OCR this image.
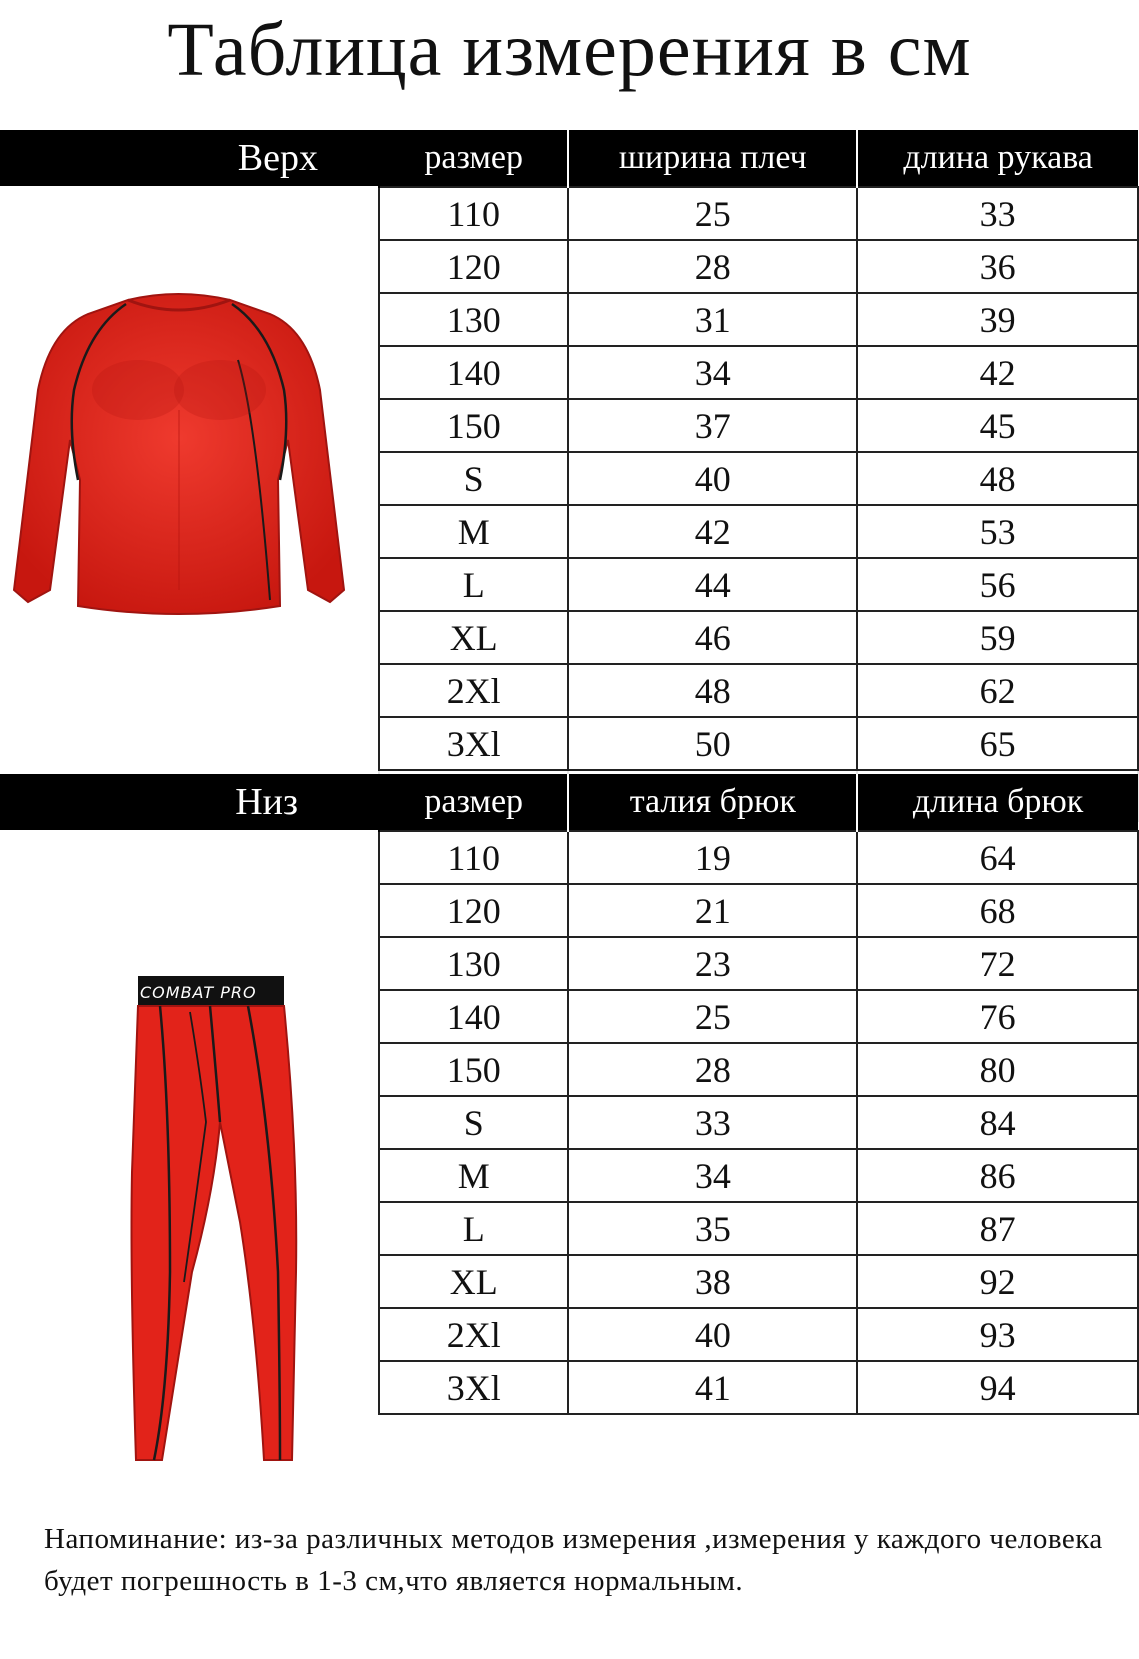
Таблица измерения в см
Верх	размер	ширина плеч	длина рукава
110	25	33
120	28	36
130	31	39
140	34	42
150	37	45
S	40	48
M	42	53
L	44	56
XL	46	59
2Xl	48	62
3Xl	50	65

Низ	размер	талия брюк	длина брюк
110	19	64
120	21	68
130	23	72
140	25	76
150	28	80
S	33	84
M	34	86
L	35	87
XL	38	92
2Xl	40	93
3Xl	41	94
COMBAT PRO
Напоминание: из-за различных методов измерения ,измерения у каждого человека будет погрешность в 1-3 см,что является нормальным.
